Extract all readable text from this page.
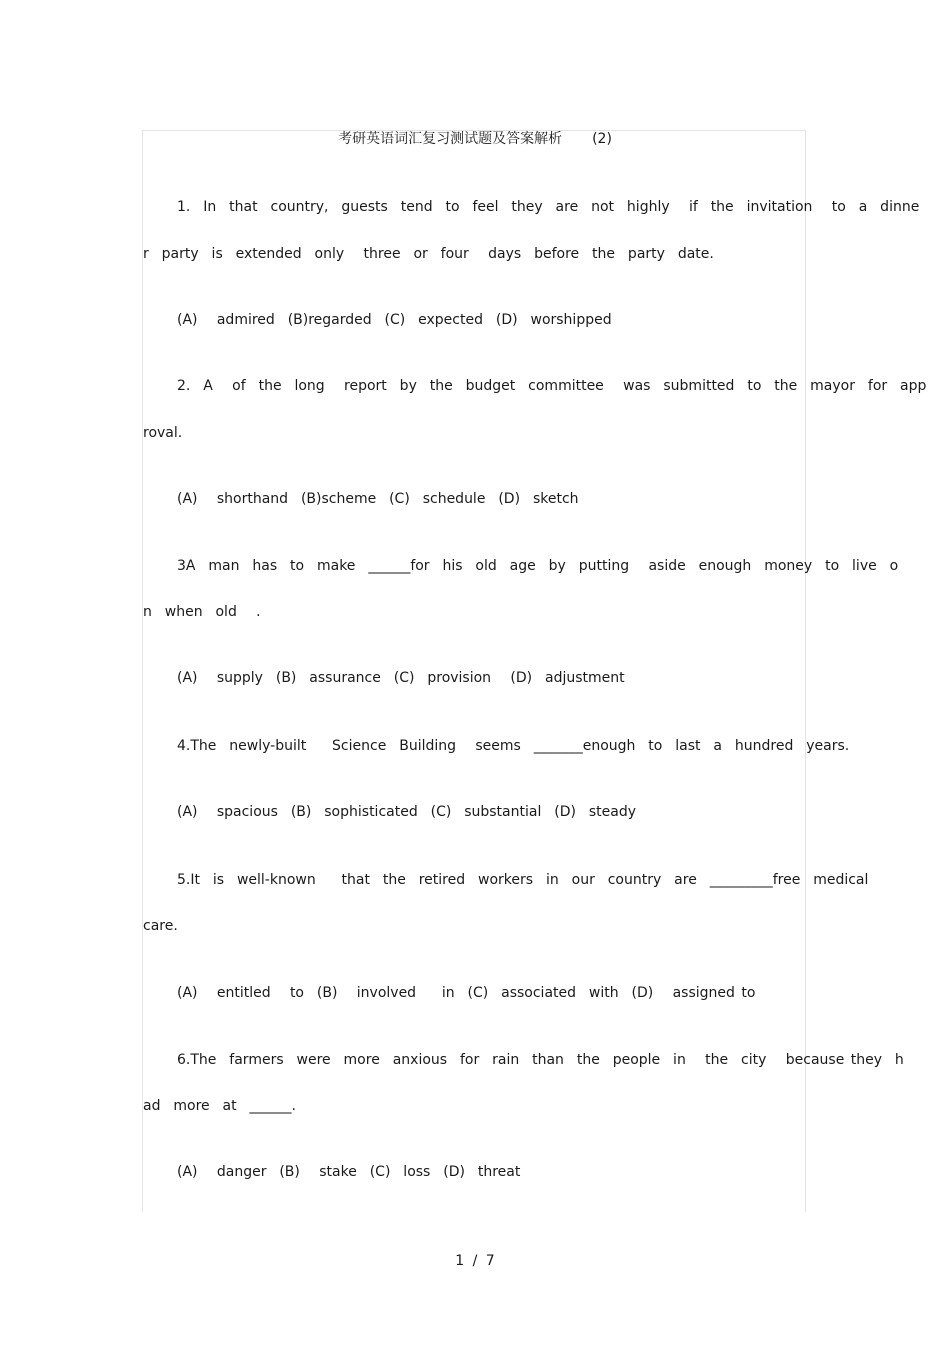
考研英语词汇复习测试题及答案解析 (2)
1.  In  that  country,  guests  tend  to  feel  they  are  not  highly   if  the  invitation   to  a  dinne
r  party  is  extended  only   three  or  four   days  before  the  party  date.
(A)   admired  (B)regarded  (C)  expected  (D)  worshipped
2.  A   of  the  long   report  by  the  budget  committee   was  submitted  to  the  mayor  for  app
roval.
(A)   shorthand  (B)scheme  (C)  schedule  (D)  sketch
3A  man  has  to  make  ______for  his  old  age  by  putting   aside  enough  money  to  live  o
n  when  old   .
(A)   supply  (B)  assurance  (C)  provision   (D)  adjustment
4.The  newly-built    Science  Building   seems  _______enough  to  last  a  hundred  years.
(A)   spacious  (B)  sophisticated  (C)  substantial  (D)  steady
5.It  is  well-known    that  the  retired  workers  in  our  country  are  _________free  medical
care.
(A)   entitled   to  (B)   involved    in  (C)  associated  with  (D)   assigned to
6.The  farmers  were  more  anxious  for  rain  than  the  people  in   the  city   because they  h
ad  more  at  ______.
(A)   danger  (B)   stake  (C)  loss  (D)  threat
1 / 7
